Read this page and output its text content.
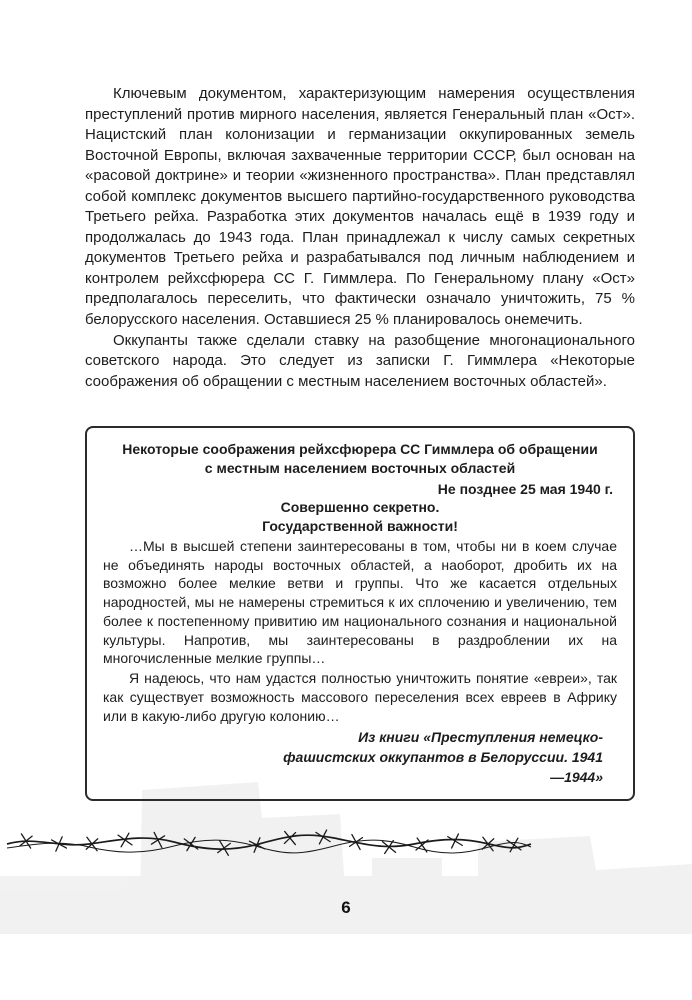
Ключевым документом, характеризующим намерения осуществления преступлений против мирного населения, является Генеральный план «Ост». Нацистский план колонизации и германизации оккупированных земель Восточной Европы, включая захваченные территории СССР, был основан на «расовой доктрине» и теории «жизненного пространства». План представлял собой комплекс документов высшего партийно-государственного руководства Третьего рейха. Разработка этих документов началась ещё в 1939 году и продолжалась до 1943 года. План принадлежал к числу самых секретных документов Третьего рейха и разрабатывался под личным наблюдением и контролем рейхсфюрера СС Г. Гиммлера. По Генеральному плану «Ост» предполагалось переселить, что фактически означало уничтожить, 75 % белорусского населения. Оставшиеся 25 % планировалось онемечить.

Оккупанты также сделали ставку на разобщение многонационального советского народа. Это следует из записки Г. Гиммлера «Некоторые соображения об обращении с местным населением восточных областей».

Некоторые соображения рейхсфюрера СС Гиммлера об обращении с местным населением восточных областей
Не позднее 25 мая 1940 г.
Совершенно секретно.
Государственной важности!

…Мы в высшей степени заинтересованы в том, чтобы ни в коем случае не объединять народы восточных областей, а наоборот, дробить их на возможно более мелкие ветви и группы. Что же касается отдельных народностей, мы не намерены стремиться к их сплочению и увеличению, тем более к постепенному привитию им национального сознания и национальной культуры. Напротив, мы заинтересованы в раздроблении их на многочисленные мелкие группы…

Я надеюсь, что нам удастся полностью уничтожить понятие «евреи», так как существует возможность массового переселения всех евреев в Африку или в какую-либо другую колонию…

Из книги «Преступления немецко-фашистских оккупантов в Белоруссии. 1941—1944»
6
